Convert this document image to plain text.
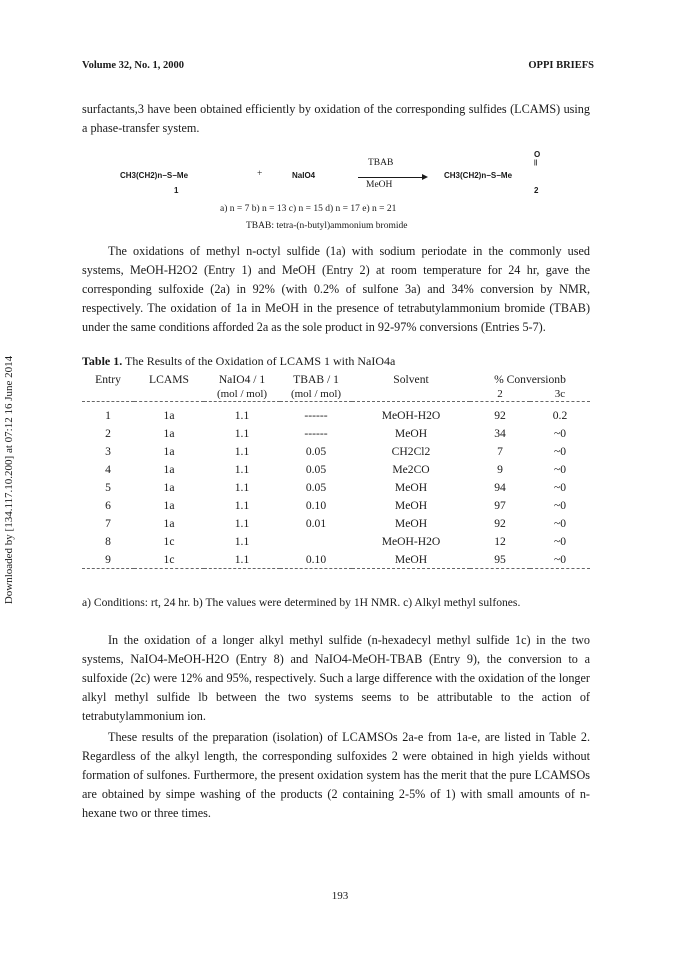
Volume 32, No. 1, 2000	OPPI BRIEFS
Downloaded by [134.117.10.200] at 07:12 16 June 2014

surfactants,3 have been obtained efficiently by oxidation of the corresponding sulfides (LCAMS) using a phase-transfer system.

CH3(CH2)n−S−Me
1
+	NaIO4
TBAB
MeOH
O
||
CH3(CH2)n−S−Me
2
a) n = 7 b) n = 13 c) n = 15 d) n = 17 e) n = 21
TBAB: tetra-(n-butyl)ammonium bromide

The oxidations of methyl n-octyl sulfide (1a) with sodium periodate in the commonly used systems, MeOH-H2O2 (Entry 1) and MeOH (Entry 2) at room temperature for 24 hr, gave the corresponding sulfoxide (2a) in 92% (with 0.2% of sulfone 3a) and 34% conversion by NMR, respectively. The oxidation of 1a in MeOH in the presence of tetrabutylammonium bromide (TBAB) under the same conditions afforded 2a as the sole product in 92-97% conversions (Entries 5-7).

Table 1. The Results of the Oxidation of LCAMS 1 with NaIO4a
Entry	LCAMS	NaIO4 / 1	TBAB / 1	Solvent	% Conversionb	
		(mol / mol)	(mol / mol)		2	3c

1	1a	1.1	------	MeOH-H2O	92	0.2
2	1a	1.1	------	MeOH	34	~0
3	1a	1.1	0.05	CH2Cl2	7	~0
4	1a	1.1	0.05	Me2CO	9	~0
5	1a	1.1	0.05	MeOH	94	~0
6	1a	1.1	0.10	MeOH	97	~0
7	1a	1.1	0.01	MeOH	92	~0
8	1c	1.1		MeOH-H2O	12	~0
9	1c	1.1	0.10	MeOH	95	~0
a) Conditions: rt, 24 hr. b) The values were determined by 1H NMR. c) Alkyl methyl sulfones.

In the oxidation of a longer alkyl methyl sulfide (n-hexadecyl methyl sulfide 1c) in the two systems, NaIO4-MeOH-H2O (Entry 8) and NaIO4-MeOH-TBAB (Entry 9), the conversion to a sulfoxide (2c) were 12% and 95%, respectively. Such a large difference with the oxidation of the longer alkyl methyl sulfide lb between the two systems seems to be attributable to the action of tetrabutylammonium ion.

These results of the preparation (isolation) of LCAMSOs 2a-e from 1a-e, are listed in Table 2. Regardless of the alkyl length, the corresponding sulfoxides 2 were obtained in high yields without formation of sulfones. Furthermore, the present oxidation system has the merit that the pure LCAMSOs are obtained by simpe washing of the products (2 containing 2-5% of 1) with small amounts of n-hexane two or three times.

193
